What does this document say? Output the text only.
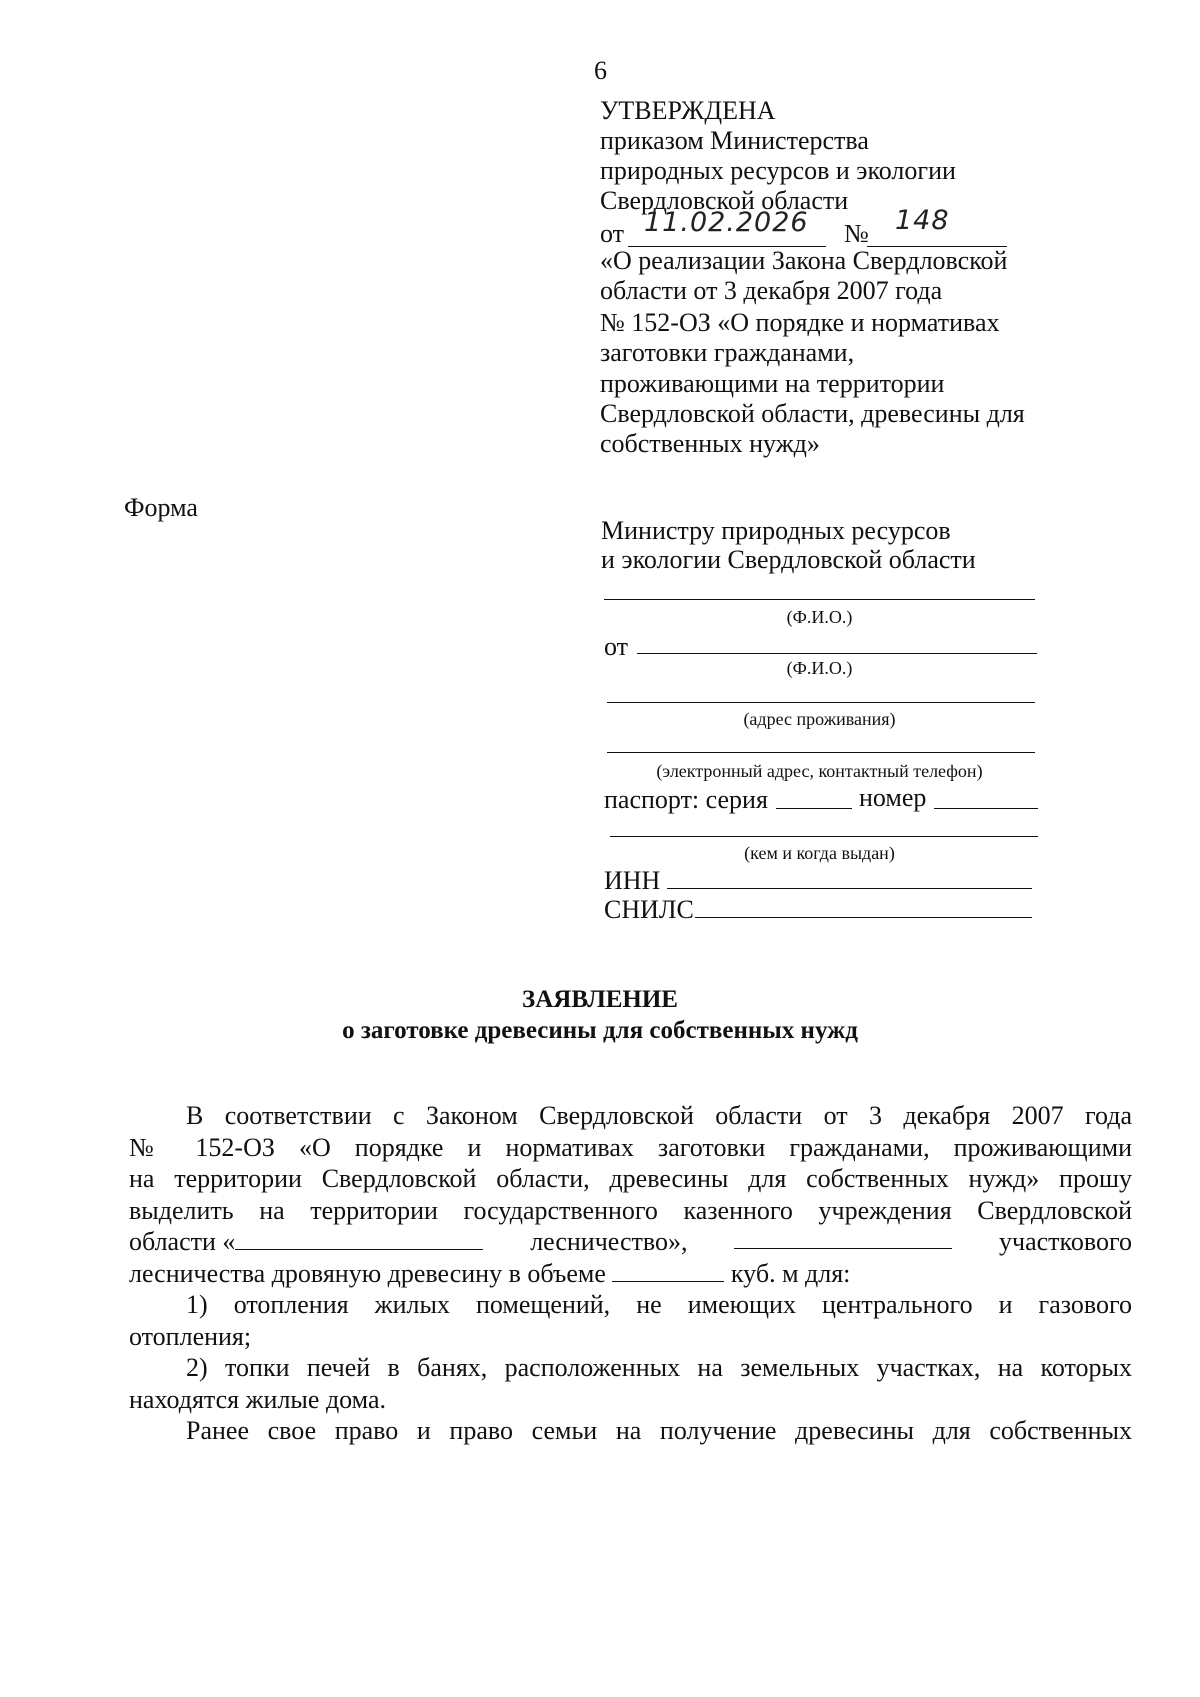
6
УТВЕРЖДЕНА
приказом Министерства
природных ресурсов и экологии
Свердловской области
от 11.02.2026 № 148
«О реализации Закона Свердловской
области от 3 декабря 2007 года
№ 152-ОЗ «О порядке и нормативах
заготовки гражданами,
проживающими на территории
Свердловской области, древесины для
собственных нужд»
Форма
Министру природных ресурсов
и экологии Свердловской области
(Ф.И.О.)
от
(Ф.И.О.)
(адрес проживания)
(электронный адрес, контактный телефон)
паспорт: серия	номер
(кем и когда выдан)
ИНН
СНИЛС
ЗАЯВЛЕНИЕ
о заготовке древесины для собственных нужд
В соответствии с Законом Свердловской области от 3 декабря 2007 года
№ 152-ОЗ «О порядке и нормативах заготовки гражданами, проживающими
на территории Свердловской области, древесины для собственных нужд» прошу
выделить на территории государственного казенного учреждения Свердловской
области «	лесничество»,	участкового
лесничества дровяную древесину в объеме	куб. м для:
1) отопления жилых помещений, не имеющих центрального и газового
отопления;
2) топки печей в банях, расположенных на земельных участках, на которых
находятся жилые дома.
Ранее свое право и право семьи на получение древесины для собственных
